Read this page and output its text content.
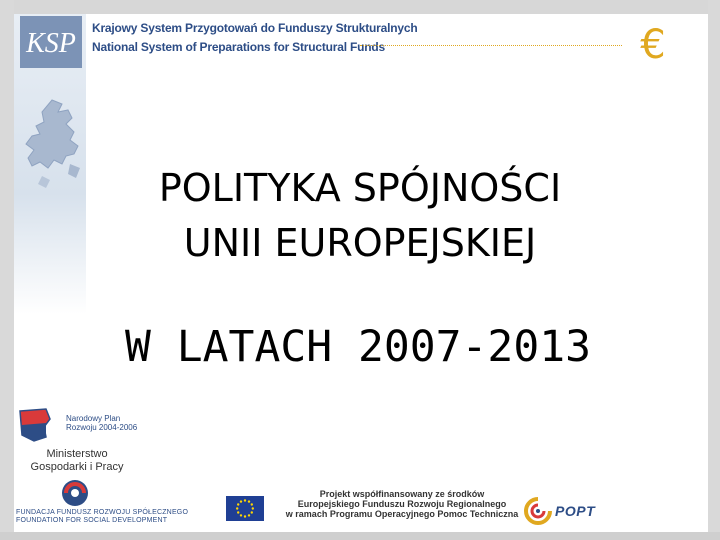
KSP Krajowy System Przygotowań do Funduszy Strukturalnych
National System of Preparations for Structural Funds	€
POLITYKA SPÓJNOŚCI
UNII EUROPEJSKIEJ
W LATACH 2007-2013
Narodowy Plan
Rozwoju 2004-2006
Ministerstwo
Gospodarki i Pracy
FUNDACJA FUNDUSZ ROZWOJU SPÓŁECZNEGO
FOUNDATION FOR SOCIAL DEVELOPMENT
Projekt współfinansowany ze środków
Europejskiego Funduszu Rozwoju Regionalnego
w ramach Programu Operacyjnego Pomoc Techniczna	POPT
